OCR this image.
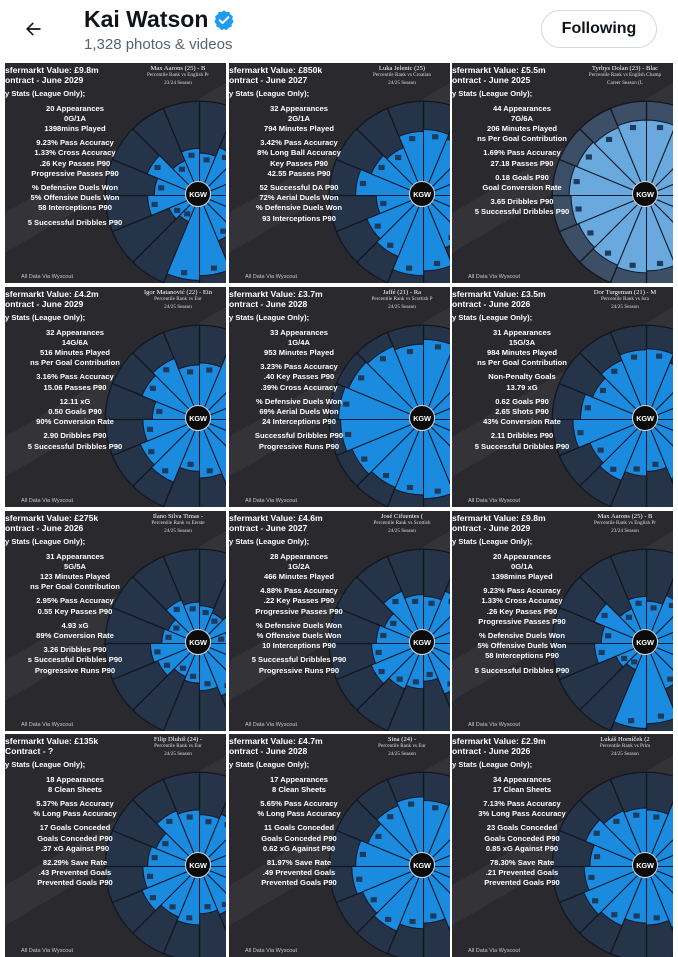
Kai Watson
1,328 photos & videos
Following
sfermarkt Value: £9.8m
ontract - June 2029
y Stats (League Only);
20 Appearances
0G/1A
1398mins Played
9.23% Pass Accuracy
1.33% Cross Accuracy
.26 Key Passes P90
Progressive Passes P90
% Defensive Duels Won
5% Offensive Duels Won
58 Interceptions P90
5 Successful Dribbles P90
Max Aarons (25) - B
Percentile Rank vs English Pr
23/24 Season
KGW
All Data Via Wyscout
sfermarkt Value: £850k
ontract - June 2027
y Stats (League Only);
32 Appearances
2G/1A
794 Minutes Played
3.42% Pass Accuracy
8% Long Ball Accuracy
Key Passes P90
42.55 Passes P90
52 Successful DA P90
72% Aerial Duels Won
% Defensive Duels Won
93 Interceptions P90
Luka Jelenic (25)
Percentile Rank vs Croatian
24/25 Season
KGW
All Data Via Wyscout
sfermarkt Value: £5.5m
ontract - June 2025
y Stats (League Only);
44 Appearances
7G/6A
206 Minutes Played
ns Per Goal Contribution
1.69% Pass Accuracy
27.18 Passes P90
0.18 Goals P90
Goal Conversion Rate
3.65 Dribbles P90
5 Successful Dribbles P90
Tyrhys Dolan (23) - Blac
Percentile Rank vs English Champ
Career Season (L
KGW
All Data Via Wyscout
sfermarkt Value: £4.2m
ontract - June 2029
y Stats (League Only);
32 Appearances
14G/6A
516 Minutes Played
ns Per Goal Contribution
3.16% Pass Accuracy
15.06 Passes P90
12.11 xG
0.50 Goals P90
90% Conversion Rate
2.90 Dribbles P90
5 Successful Dribbles P90
Igor Matanović (22) - Ein
Percentile Rank vs Eur
24/25 Season
KGW
All Data Via Wyscout
sfermarkt Value: £3.7m
ontract - June 2028
y Stats (League Only);
33 Appearances
1G/4A
953 Minutes Played
3.23% Pass Accuracy
.40 Key Passes P90
.39% Cross Accuracy
% Defensive Duels Won
69% Aerial Duels Won
24 Interceptions P90
Successful Dribbles P90
Progressive Runs P90
Jaffé (21) - Ra
Percentile Rank vs Scottish P
24/25 Season
KGW
All Data Via Wyscout
sfermarkt Value: £3.5m
ontract - June 2026
y Stats (League Only);
31 Appearances
15G/3A
984 Minutes Played
ns Per Goal Contribution
Non-Penalty Goals
13.79 xG
0.62 Goals P90
2.65 Shots P90
43% Conversion Rate
2.11 Dribbles P90
5 Successful Dribbles P90
Dor Turgeman (21) - M
Percentile Rank vs Isra
24/25 Season
KGW
All Data Via Wyscout
sfermarkt Value: £275k
ontract - June 2026
y Stats (League Only);
31 Appearances
5G/5A
123 Minutes Played
ns Per Goal Contribution
2.95% Pass Accuracy
0.55 Key Passes P90
4.93 xG
89% Conversion Rate
3.26 Dribbles P90
s Successful Dribbles P90
Progressive Runs P90
Ilano Silva Timas -
Percentile Rank vs Eerste
24/25 Season
KGW
All Data Via Wyscout
sfermarkt Value: £4.6m
ontract - June 2027
y Stats (League Only);
28 Appearances
1G/2A
466 Minutes Played
4.88% Pass Accuracy
.22 Key Passes P90
Progressive Passes P90
% Defensive Duels Won
% Offensive Duels Won
10 Interceptions P90
5 Successful Dribbles P90
Progressive Runs P90
José Cifuentes (
Percentile Rank vs Scottish
24/25 Season
KGW
All Data Via Wyscout
sfermarkt Value: £9.8m
ontract - June 2029
y Stats (League Only);
20 Appearances
0G/1A
1398mins Played
9.23% Pass Accuracy
1.33% Cross Accuracy
.26 Key Passes P90
Progressive Passes P90
% Defensive Duels Won
5% Offensive Duels Won
58 Interceptions P90
5 Successful Dribbles P90
Max Aarons (25) - B
Percentile Rank vs English Pr
23/24 Season
KGW
All Data Via Wyscout
sfermarkt Value: £135k
Contract - ?
y Stats (League Only);
18 Appearances
8 Clean Sheets
5.37% Pass Accuracy
% Long Pass Accuracy
17 Goals Conceded
Goals Conceded P90
.37 xG Against P90
82.29% Save Rate
.43 Prevented Goals
Prevented Goals P90
Filip Dluhiš (24) -
Percentile Rank vs Eur
24/25 Season
KGW
All Data Via Wyscout
sfermarkt Value: £4.7m
ontract - June 2028
y Stats (League Only);
17 Appearances
8 Clean Sheets
5.65% Pass Accuracy
% Long Pass Accuracy
11 Goals Conceded
Goals Conceded P90
0.62 xG Against P90
81.97% Save Rate
.49 Prevented Goals
Prevented Goals P90
Sina (24) -
Percentile Rank vs Eur
24/25 Season
KGW
All Data Via Wyscout
sfermarkt Value: £2.9m
ontract - June 2026
y Stats (League Only);
34 Appearances
17 Clean Sheets
7.13% Pass Accuracy
3% Long Pass Accuracy
23 Goals Conceded
Goals Conceded P90
0.85 xG Against P90
78.30% Save Rate
.21 Prevented Goals
Prevented Goals P90
Lukáš Horníček (2
Percentile Rank vs Prim
24/25 Season
KGW
All Data Via Wyscout
